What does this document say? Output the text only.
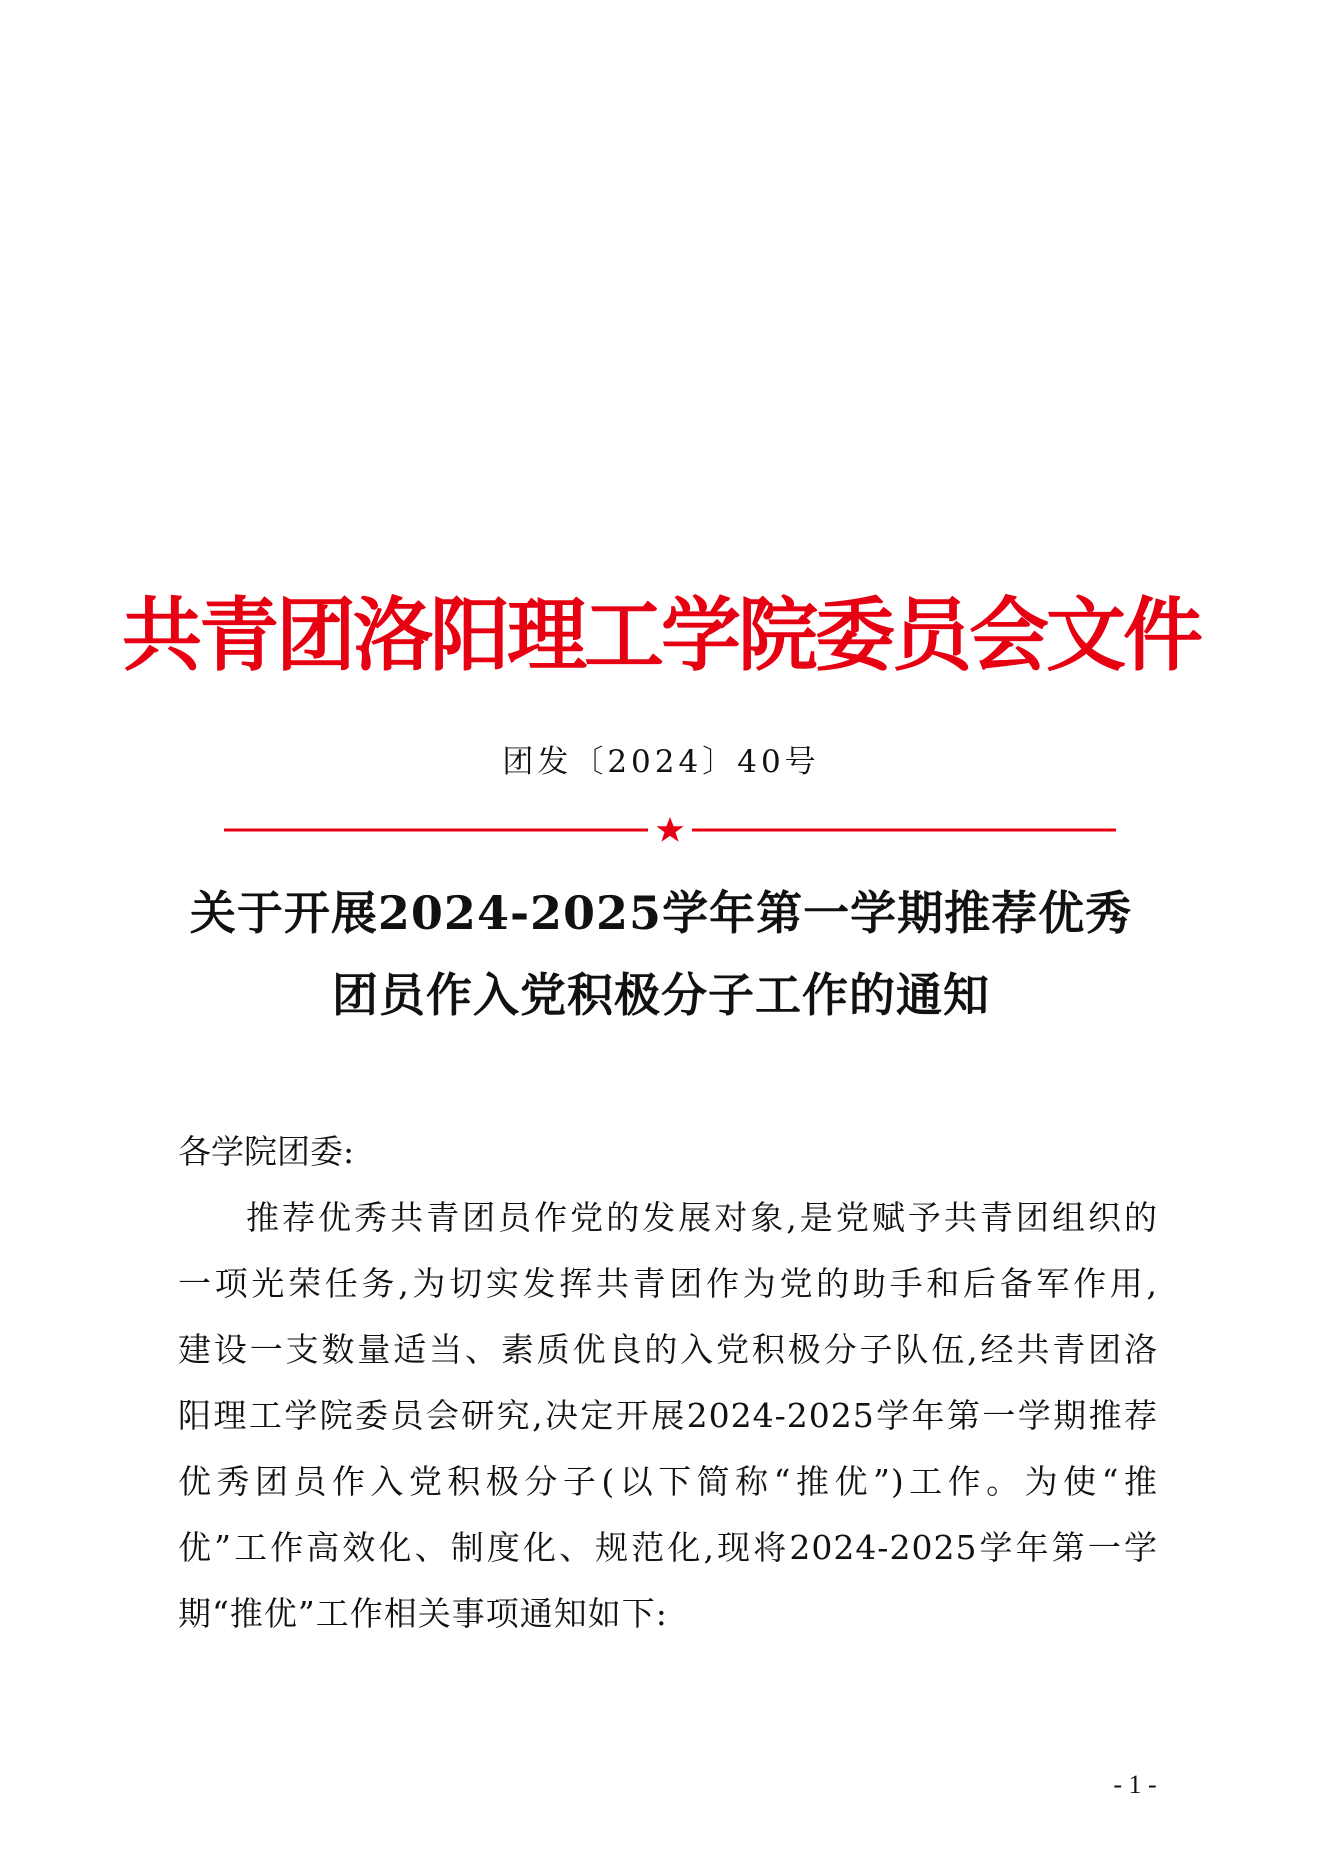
共青团洛阳理工学院委员会文件
团发〔2024〕40号
关于开展2024-2025学年第一学期推荐优秀
团员作入党积极分子工作的通知
各学院团委:
推荐优秀共青团员作党的发展对象,是党赋予共青团组织的
一项光荣任务,为切实发挥共青团作为党的助手和后备军作用,
建设一支数量适当、素质优良的入党积极分子队伍,经共青团洛
阳理工学院委员会研究,决定开展2024-2025学年第一学期推荐
优秀团员作入党积极分子(以下简称“推优”)工作。为使“推
优”工作高效化、制度化、规范化,现将2024-2025学年第一学
期“推优”工作相关事项通知如下:
- 1 -
